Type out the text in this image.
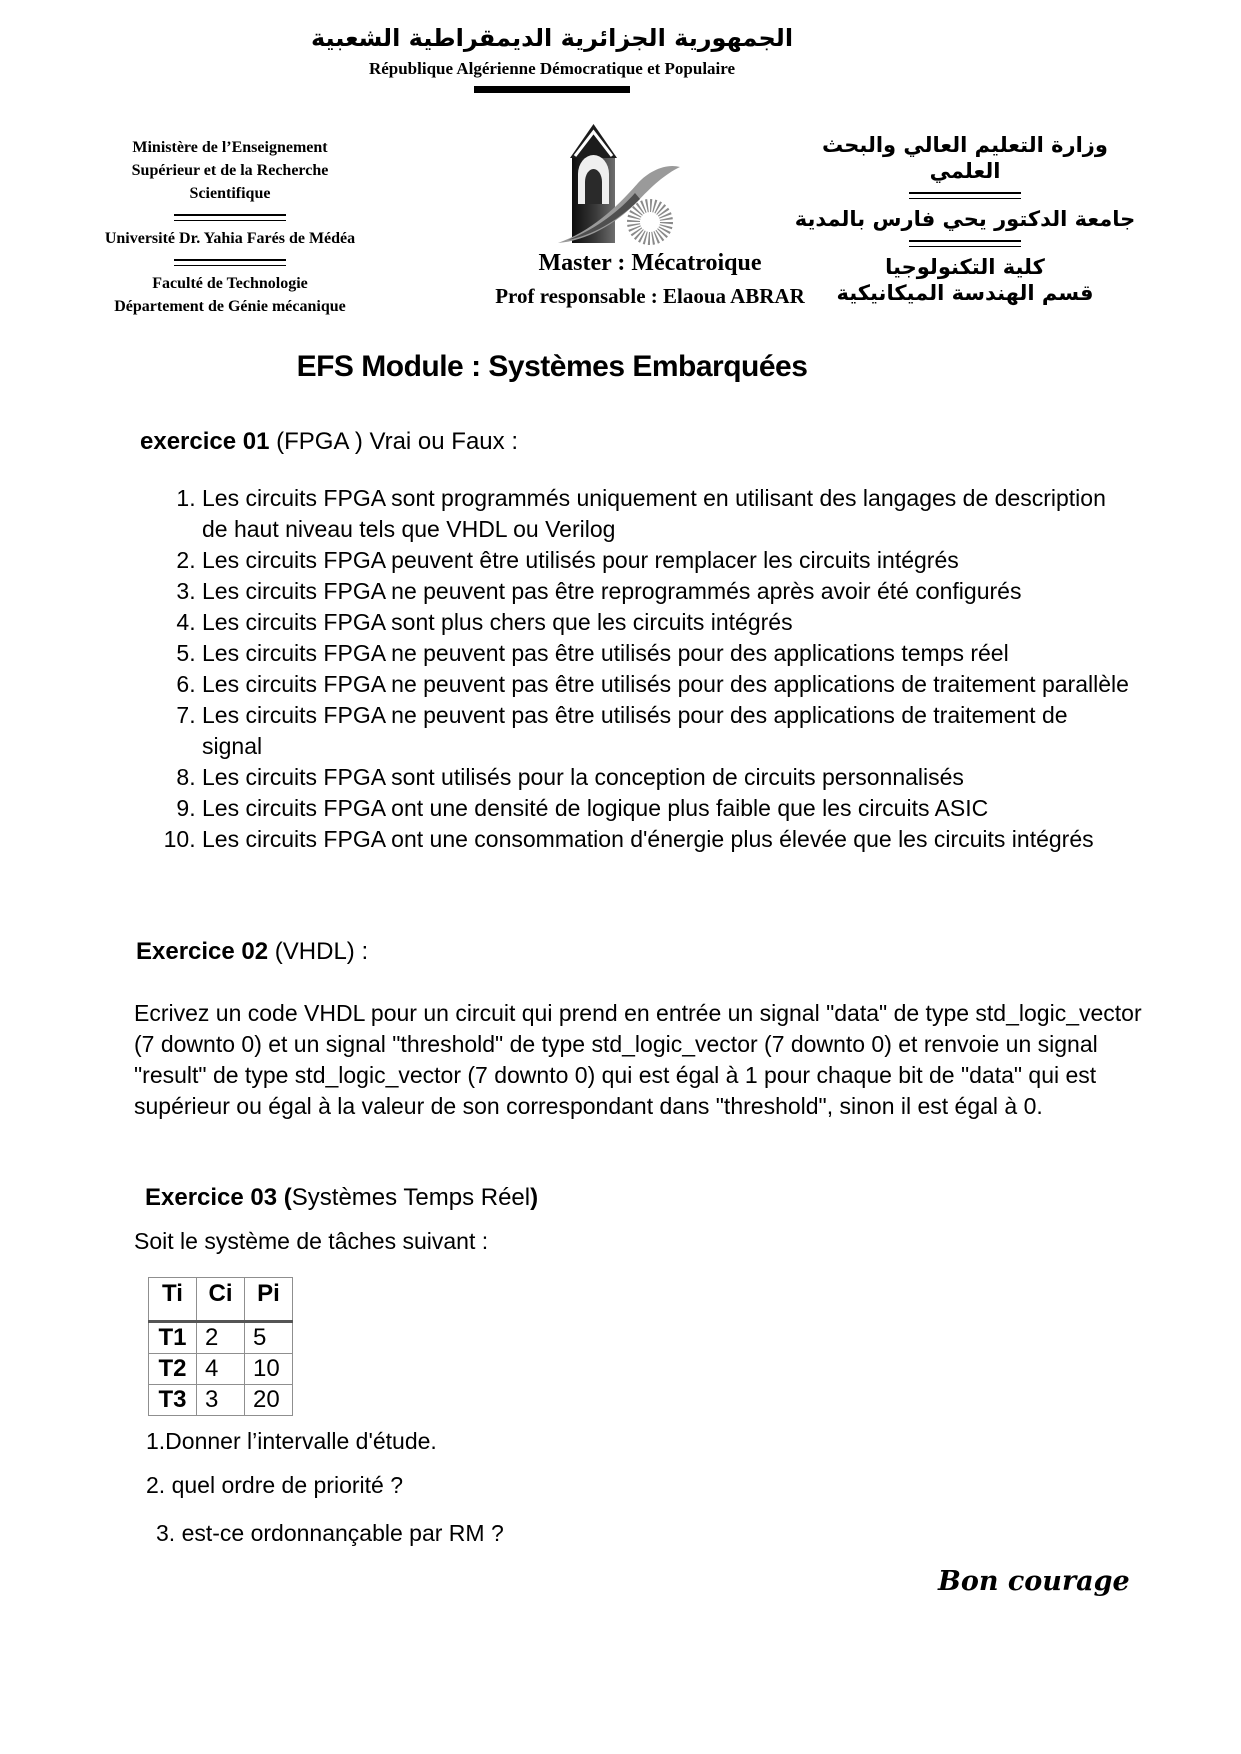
الجمهورية الجزائرية الديمقراطية الشعبية
République Algérienne Démocratique et Populaire
Ministère de l’Enseignement Supérieur et de la Recherche Scientifique
Université Dr. Yahia Farés de Médéa
Faculté de Technologie
Département de Génie mécanique
Master : Mécatroique
Prof responsable : Elaoua ABRAR
وزارة التعليم العالي والبحث العلمي
جامعة الدكتور يحي فارس بالمدية
كلية التكنولوجيا
قسم الهندسة الميكانيكية
EFS Module : Systèmes Embarquées
exercice 01 (FPGA ) Vrai ou Faux :
1. Les circuits FPGA sont programmés uniquement en utilisant des langages de description de haut niveau tels que VHDL ou Verilog
2. Les circuits FPGA peuvent être utilisés pour remplacer les circuits intégrés
3. Les circuits FPGA ne peuvent pas être reprogrammés après avoir été configurés
4. Les circuits FPGA sont plus chers que les circuits intégrés
5. Les circuits FPGA ne peuvent pas être utilisés pour des applications temps réel
6. Les circuits FPGA ne peuvent pas être utilisés pour des applications de traitement parallèle
7. Les circuits FPGA ne peuvent pas être utilisés pour des applications de traitement de signal
8. Les circuits FPGA sont utilisés pour la conception de circuits personnalisés
9. Les circuits FPGA ont une densité de logique plus faible que les circuits ASIC
10. Les circuits FPGA ont une consommation d'énergie plus élevée que les circuits intégrés
Exercice 02 (VHDL) :
Ecrivez un code VHDL pour un circuit qui prend en entrée un signal "data" de type std_logic_vector (7 downto 0) et un signal "threshold" de type std_logic_vector (7 downto 0) et renvoie un signal "result" de type std_logic_vector (7 downto 0) qui est égal à 1 pour chaque bit de "data" qui est supérieur ou égal à la valeur de son correspondant dans "threshold", sinon il est égal à 0.
Exercice 03 (Systèmes Temps Réel)
Soit le système de tâches suivant :
Ti	Ci	Pi
T1	2	5
T2	4	10
T3	3	20
1.Donner l’intervalle d'étude.
2. quel ordre de priorité ?
3. est-ce ordonnançable par RM ?
Bon courage
